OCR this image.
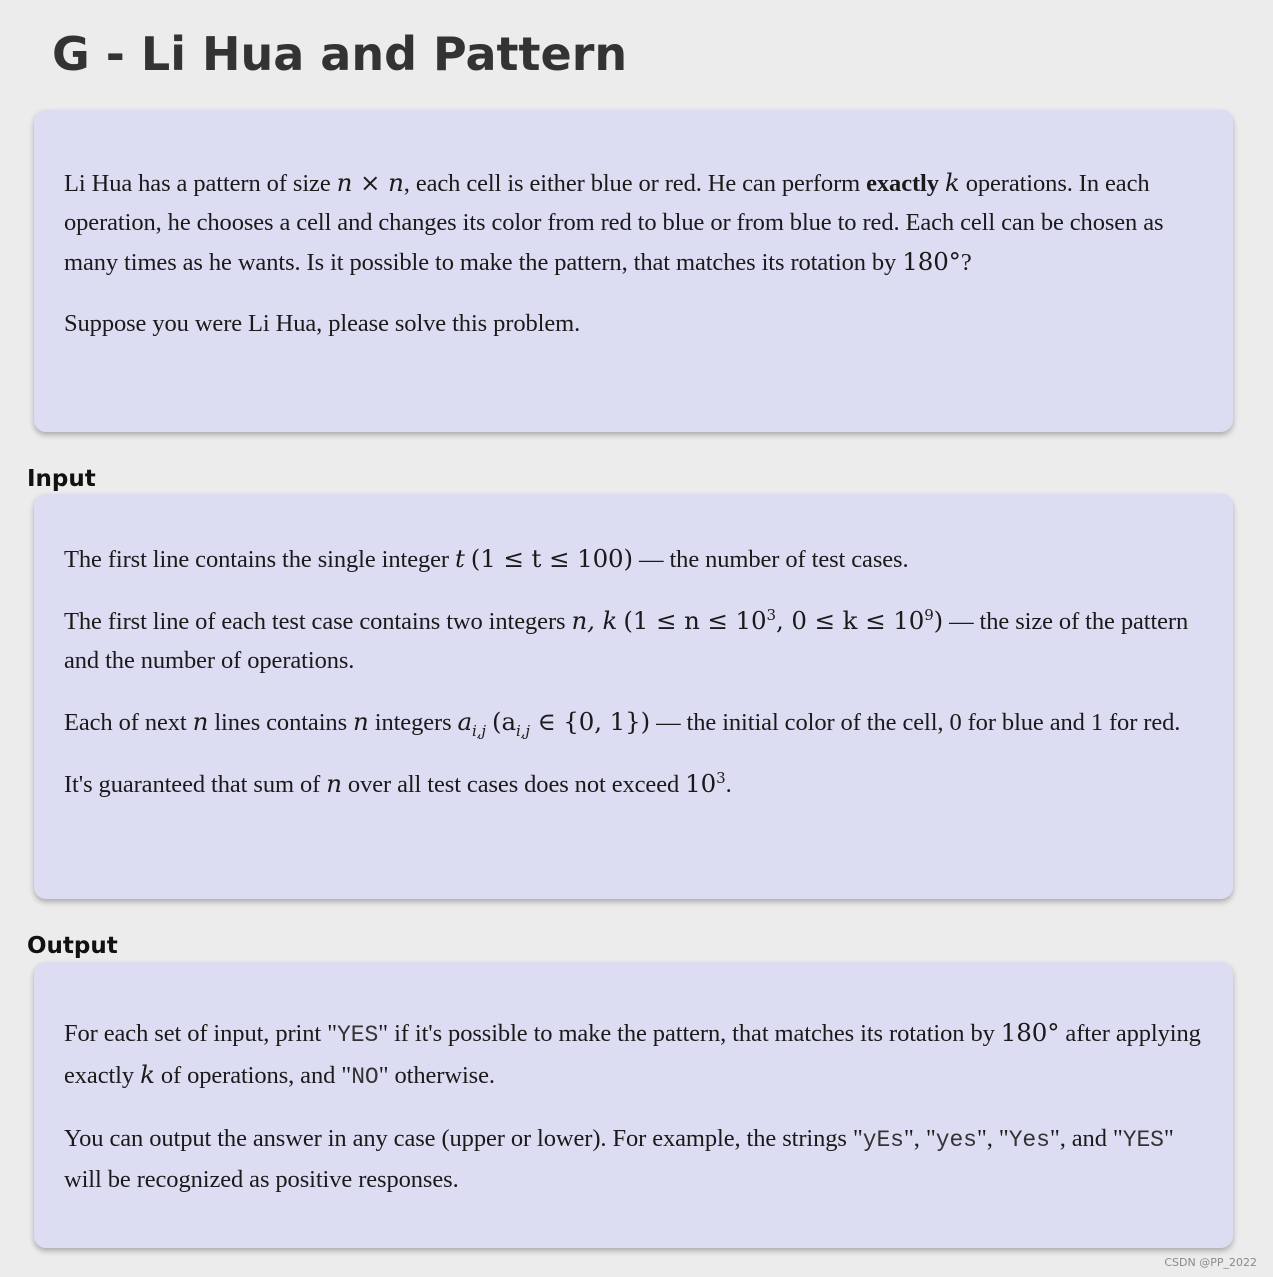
G - Li Hua and Pattern

Li Hua has a pattern of size n × n, each cell is either blue or red. He can perform exactly k operations. In each operation, he chooses a cell and changes its color from red to blue or from blue to red. Each cell can be chosen as many times as he wants. Is it possible to make the pattern, that matches its rotation by 180°?

Suppose you were Li Hua, please solve this problem.

Input

The first line contains the single integer t (1 ≤ t ≤ 100) — the number of test cases.

The first line of each test case contains two integers n, k ($1 \le n \le 10^3$, $0 \le k \le 10^9$) — the size of the pattern and the number of operations.

Each of next n lines contains n integers $a_{i,j}$ ($a_{i,j}$ ∈ {0, 1}) — the initial color of the cell, 0 for blue and 1 for red.

It's guaranteed that sum of n over all test cases does not exceed $10^3$.

Output

For each set of input, print "YES" if it's possible to make the pattern, that matches its rotation by 180° after applying exactly k of operations, and "NO" otherwise.

You can output the answer in any case (upper or lower). For example, the strings "yEs", "yes", "Yes", and "YES" will be recognized as positive responses.

CSDN @PP_2022
